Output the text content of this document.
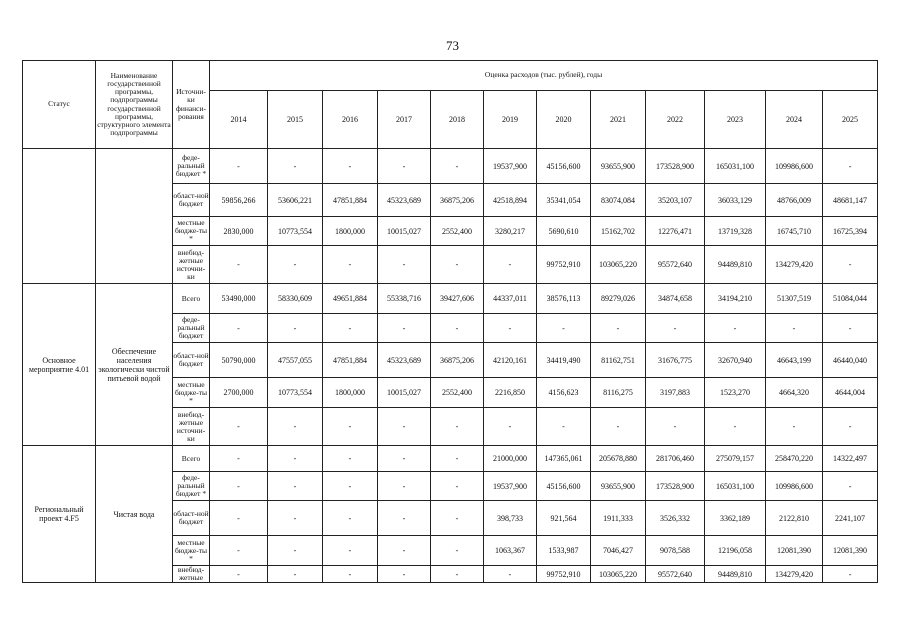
73
Статус	Наименование государственной программы, подпрограммы государственной программы, структурного элемента подпрограммы	Источни-ки финанси-рования	Оценка расходов (тыс. рублей), годы											
			2014	2015	2016	2017	2018	2019	2020	2021	2022	2023	2024	2025
		феде-ральный бюджет *	-	-	-	-	-	19537,900	45156,600	93655,900	173528,900	165031,100	109986,600	-
		област-ной бюджет	59856,266	53606,221	47851,884	45323,689	36875,206	42518,894	35341,054	83074,084	35203,107	36033,129	48766,009	48681,147
		местные бюдже-ты *	2830,000	10773,554	1800,000	10015,027	2552,400	3280,217	5690,610	15162,702	12276,471	13719,328	16745,710	16725,394
		внебюд-жетные источни-ки	-	-	-	-	-	-	99752,910	103065,220	95572,640	94489,810	134279,420	-
Основное мероприятие 4.01	Обеспечение населения экологически чистой питьевой водой	Всего	53490,000	58330,609	49651,884	55338,716	39427,606	44337,011	38576,113	89279,026	34874,658	34194,210	51307,519	51084,044
		феде-ральный бюджет	-	-	-	-	-	-	-	-	-	-	-	-
		област-ной бюджет	50790,000	47557,055	47851,884	45323,689	36875,206	42120,161	34419,490	81162,751	31676,775	32670,940	46643,199	46440,040
		местные бюдже-ты *	2700,000	10773,554	1800,000	10015,027	2552,400	2216,850	4156,623	8116,275	3197,883	1523,270	4664,320	4644,004
		внебюд-жетные источни-ки	-	-	-	-	-	-	-	-	-	-	-	-
Региональный проект 4.F5	Чистая вода	Всего	-	-	-	-	-	21000,000	147365,061	205678,880	281706,460	275079,157	258470,220	14322,497
		феде-ральный бюджет *	-	-	-	-	-	19537,900	45156,600	93655,900	173528,900	165031,100	109986,600	-
		област-ной бюджет	-	-	-	-	-	398,733	921,564	1911,333	3526,332	3362,189	2122,810	2241,107
		местные бюдже-ты *	-	-	-	-	-	1063,367	1533,987	7046,427	9078,588	12196,058	12081,390	12081,390
		внебюд-жетные	-	-	-	-	-	-	99752,910	103065,220	95572,640	94489,810	134279,420	-
